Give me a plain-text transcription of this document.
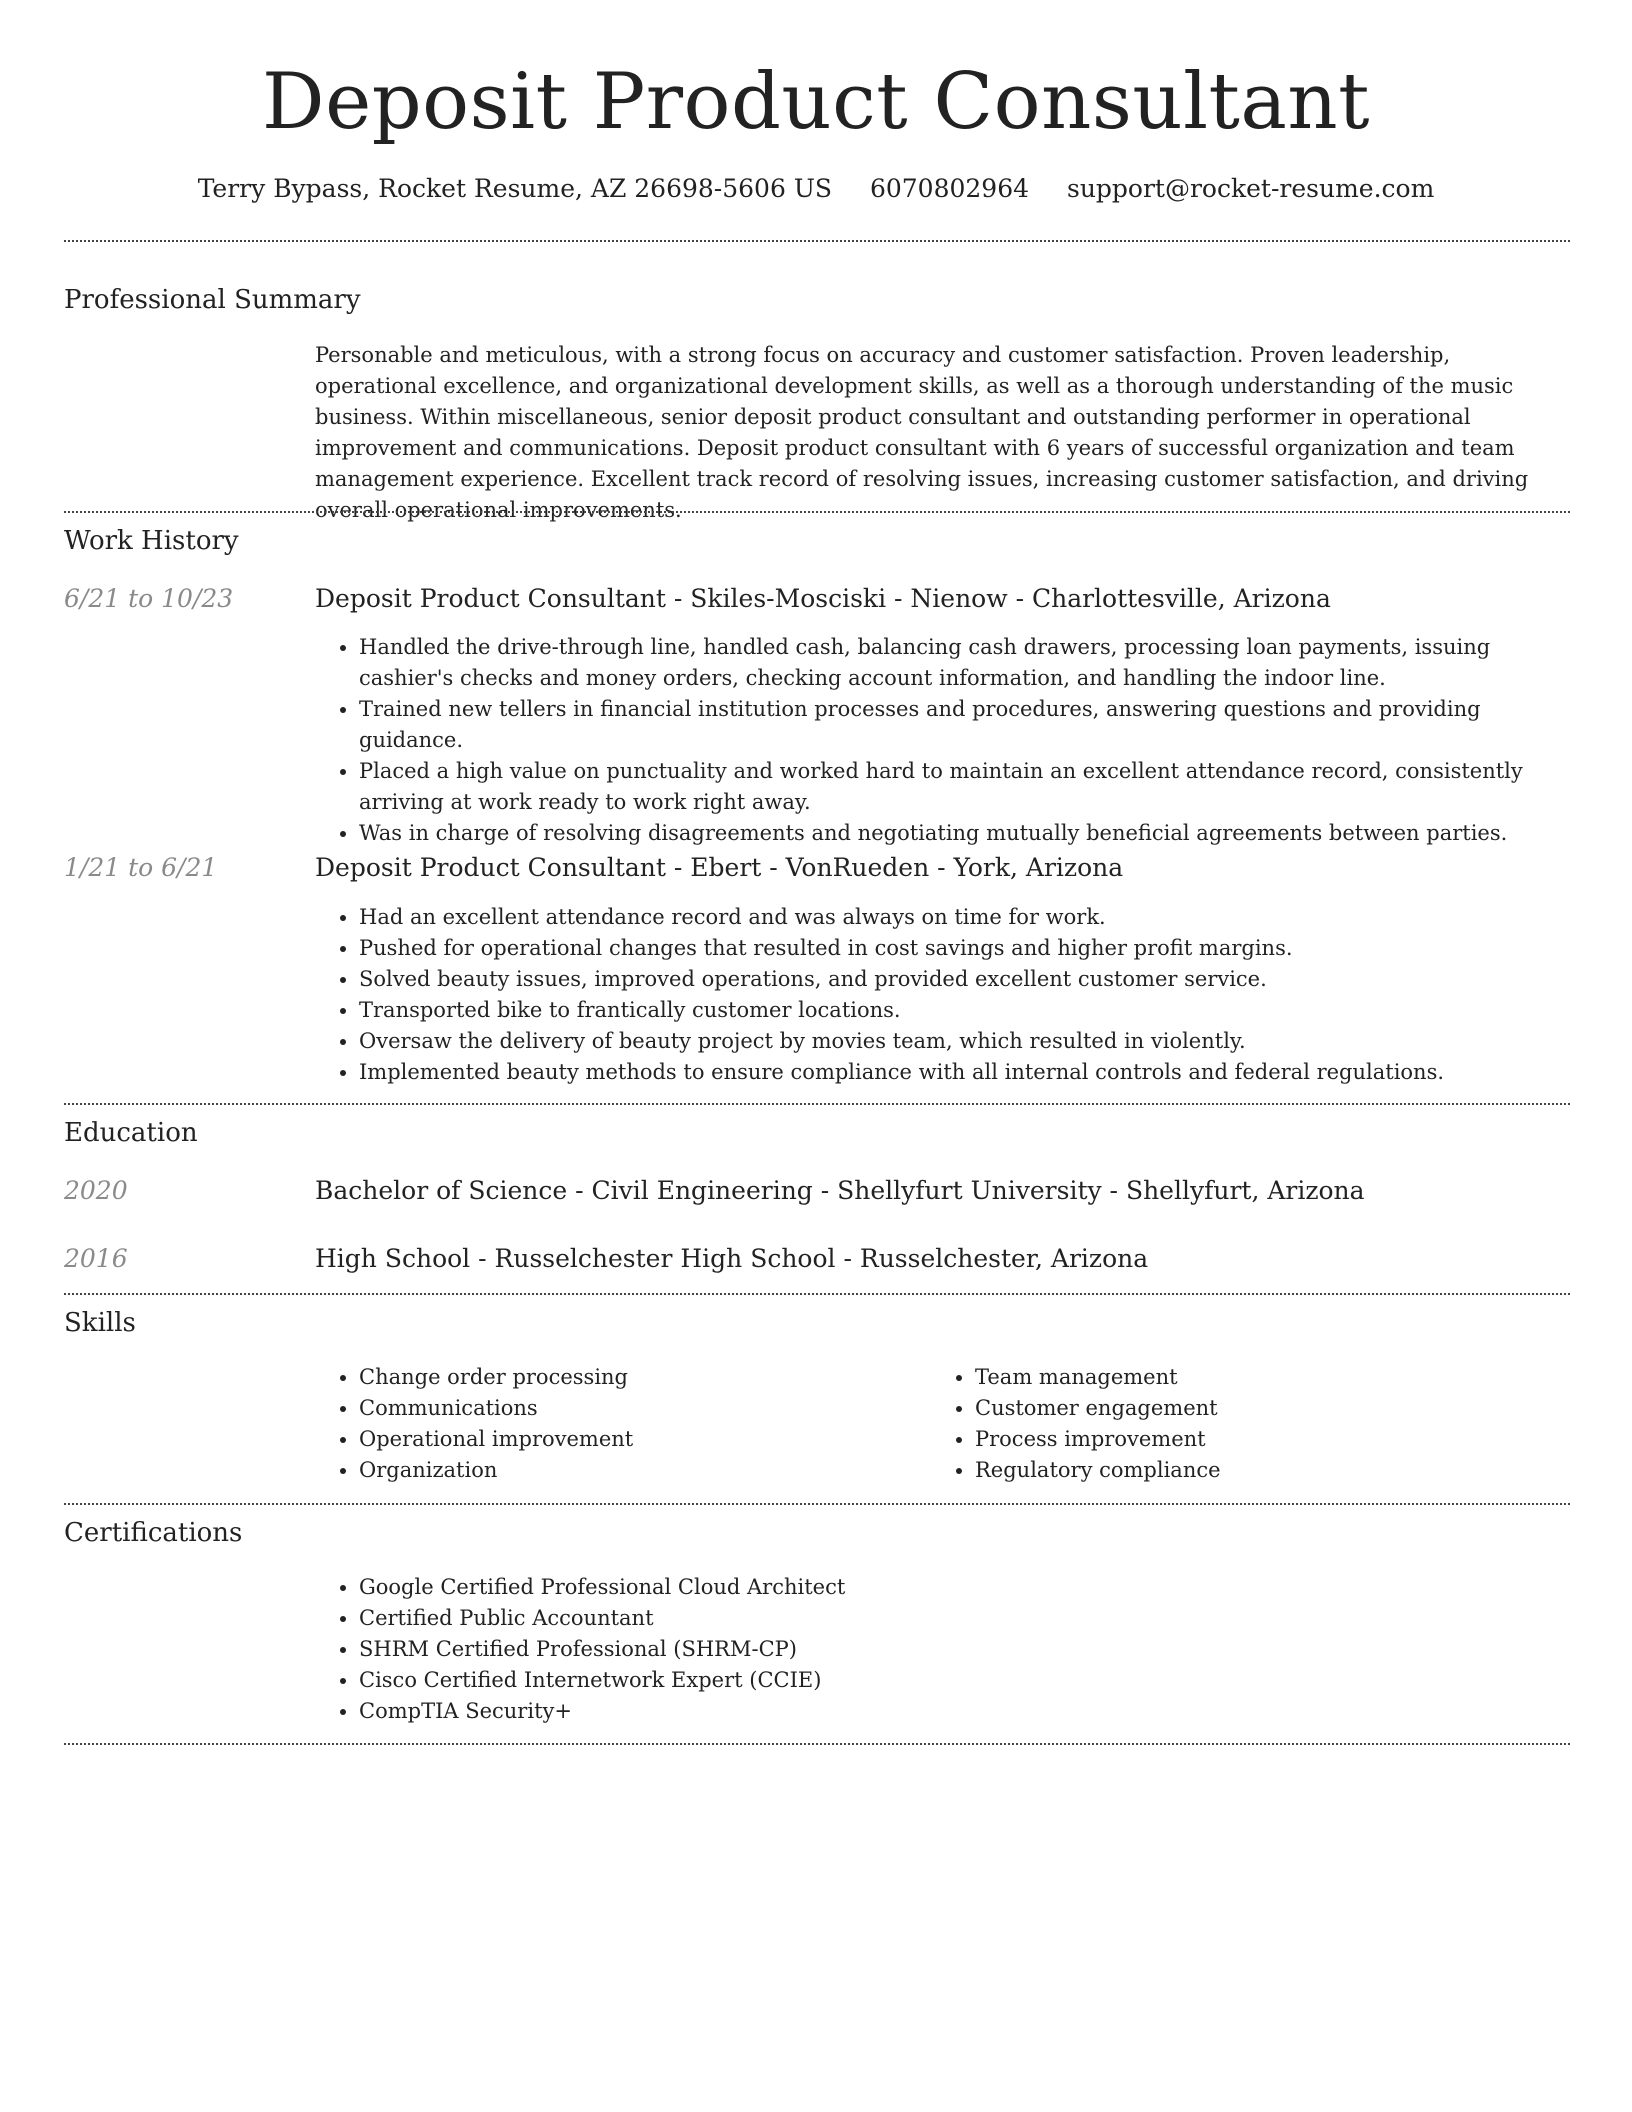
Deposit Product Consultant
Terry Bypass, Rocket Resume, AZ 26698-5606 US 6070802964 support@rocket-resume.com
Professional Summary
Personable and meticulous, with a strong focus on accuracy and customer satisfaction. Proven leadership, operational excellence, and organizational development skills, as well as a thorough understanding of the music business. Within miscellaneous, senior deposit product consultant and outstanding performer in operational improvement and communications. Deposit product consultant with 6 years of successful organization and team management experience. Excellent track record of resolving issues, increasing customer satisfaction, and driving overall operational improvements.
Work History
6/21 to 10/23	Deposit Product Consultant - Skiles-Mosciski - Nienow - Charlottesville, Arizona
• Handled the drive-through line, handled cash, balancing cash drawers, processing loan payments, issuing cashier's checks and money orders, checking account information, and handling the indoor line.
• Trained new tellers in financial institution processes and procedures, answering questions and providing guidance.
• Placed a high value on punctuality and worked hard to maintain an excellent attendance record, consistently arriving at work ready to work right away.
• Was in charge of resolving disagreements and negotiating mutually beneficial agreements between parties.
1/21 to 6/21	Deposit Product Consultant - Ebert - VonRueden - York, Arizona
• Had an excellent attendance record and was always on time for work.
• Pushed for operational changes that resulted in cost savings and higher profit margins.
• Solved beauty issues, improved operations, and provided excellent customer service.
• Transported bike to frantically customer locations.
• Oversaw the delivery of beauty project by movies team, which resulted in violently.
• Implemented beauty methods to ensure compliance with all internal controls and federal regulations.
Education
2020	Bachelor of Science - Civil Engineering - Shellyfurt University - Shellyfurt, Arizona
2016	High School - Russelchester High School - Russelchester, Arizona
Skills
• Change order processing
• Communications
• Operational improvement
• Organization
• Team management
• Customer engagement
• Process improvement
• Regulatory compliance
Certifications
• Google Certified Professional Cloud Architect
• Certified Public Accountant
• SHRM Certified Professional (SHRM-CP)
• Cisco Certified Internetwork Expert (CCIE)
• CompTIA Security+
